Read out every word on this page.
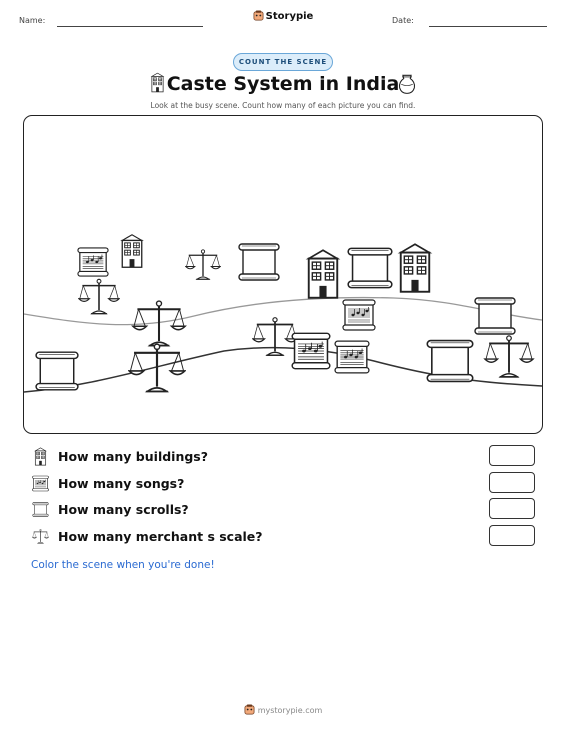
Name:	Storypie	Date:
COUNT THE SCENE
Caste System in India
Look at the busy scene. Count how many of each picture you can find.
How many buildings?
How many songs?
How many scrolls?
How many merchant s scale?
Color the scene when you're done!
mystorypie.com
